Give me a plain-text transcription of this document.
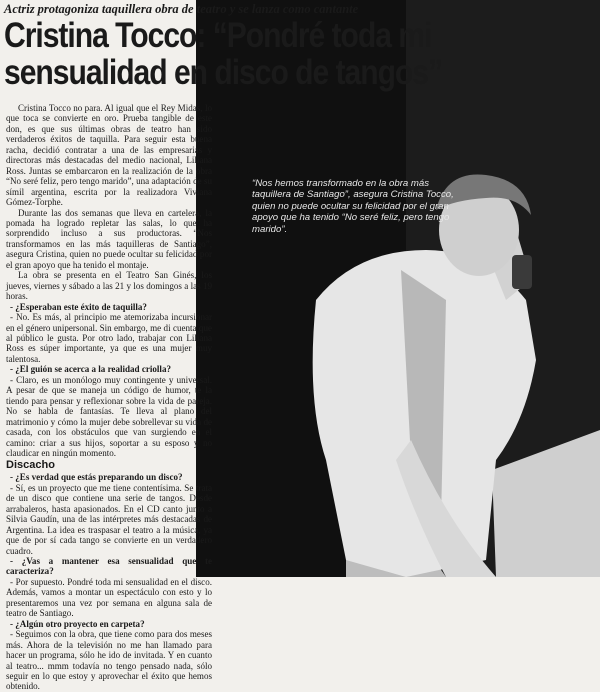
Actriz protagoniza taquillera obra de teatro y se lanza como cantante
Cristina Tocco: “Pondré toda mi
sensualidad en disco de tangos”
“Nos hemos transformado en la obra más taquillera de Santiago”, asegura Cristina Tocco, quien no puede ocultar su felicidad por el gran apoyo que ha tenido “No seré feliz, pero tengo marido”.

Cristina Tocco no para. Al igual que el Rey Midas, lo que toca se convierte en oro. Prueba tangible de este don, es que sus últimas obras de teatro han sido verdaderos éxitos de taquilla. Para seguir esta buena racha, decidió contratar a una de las empresarias y directoras más destacadas del medio nacional, Liliana Ross. Juntas se embarcaron en la realización de la obra “No seré feliz, pero tengo marido”, una adaptación de su símil argentina, escrita por la realizadora Viviana Gómez-Torphe.

Durante las dos semanas que lleva en cartelera, la pomada ha logrado repletar las salas, lo que ha sorprendido incluso a sus productoras. “Nos transformamos en las más taquilleras de Santiago”, asegura Cristina, quien no puede ocultar su felicidad por el gran apoyo que ha tenido el montaje.

La obra se presenta en el Teatro San Ginés, los jueves, viernes y sábado a las 21 y los domingos a las 19 horas.

- ¿Esperaban este éxito de taquilla?

- No. Es más, al principio me atemorizaba incursionar en el género unipersonal. Sin embargo, me di cuenta que al público le gusta. Por otro lado, trabajar con Liliana Ross es súper importante, ya que es una mujer muy talentosa.

- ¿El guión se acerca a la realidad criolla?

- Claro, es un monólogo muy contingente y universal. A pesar de que se maneja un código de humor, te la tiendo para pensar y reflexionar sobre la vida de pareja. No se habla de fantasías. Te lleva al plano del matrimonio y cómo la mujer debe sobrellevar su vida de casada, con los obstáculos que van surgiendo en el camino: criar a sus hijos, soportar a su esposo y no claudicar en ningún momento.

Discacho

- ¿Es verdad que estás preparando un disco?

- Sí, es un proyecto que me tiene contentísima. Se trata de un disco que contiene una serie de tangos. Desde arrabaleros, hasta apasionados. En el CD canto junto a Silvia Gaudín, una de las intérpretes más destacadas de Argentina. La idea es traspasar el teatro a la música, ya que de por sí cada tango se convierte en un verdadero cuadro.

- ¿Vas a mantener esa sensualidad que te caracteriza?

- Por supuesto. Pondré toda mi sensualidad en el disco. Además, vamos a montar un espectáculo con esto y lo presentaremos una vez por semana en alguna sala de teatro de Santiago.

- ¿Algún otro proyecto en carpeta?

- Seguimos con la obra, que tiene como para dos meses más. Ahora de la televisión no me han llamado para hacer un programa, sólo he ido de invitada. Y en cuanto al teatro... mmm todavía no tengo pensado nada, sólo seguir en lo que estoy y aprovechar el éxito que hemos obtenido.
